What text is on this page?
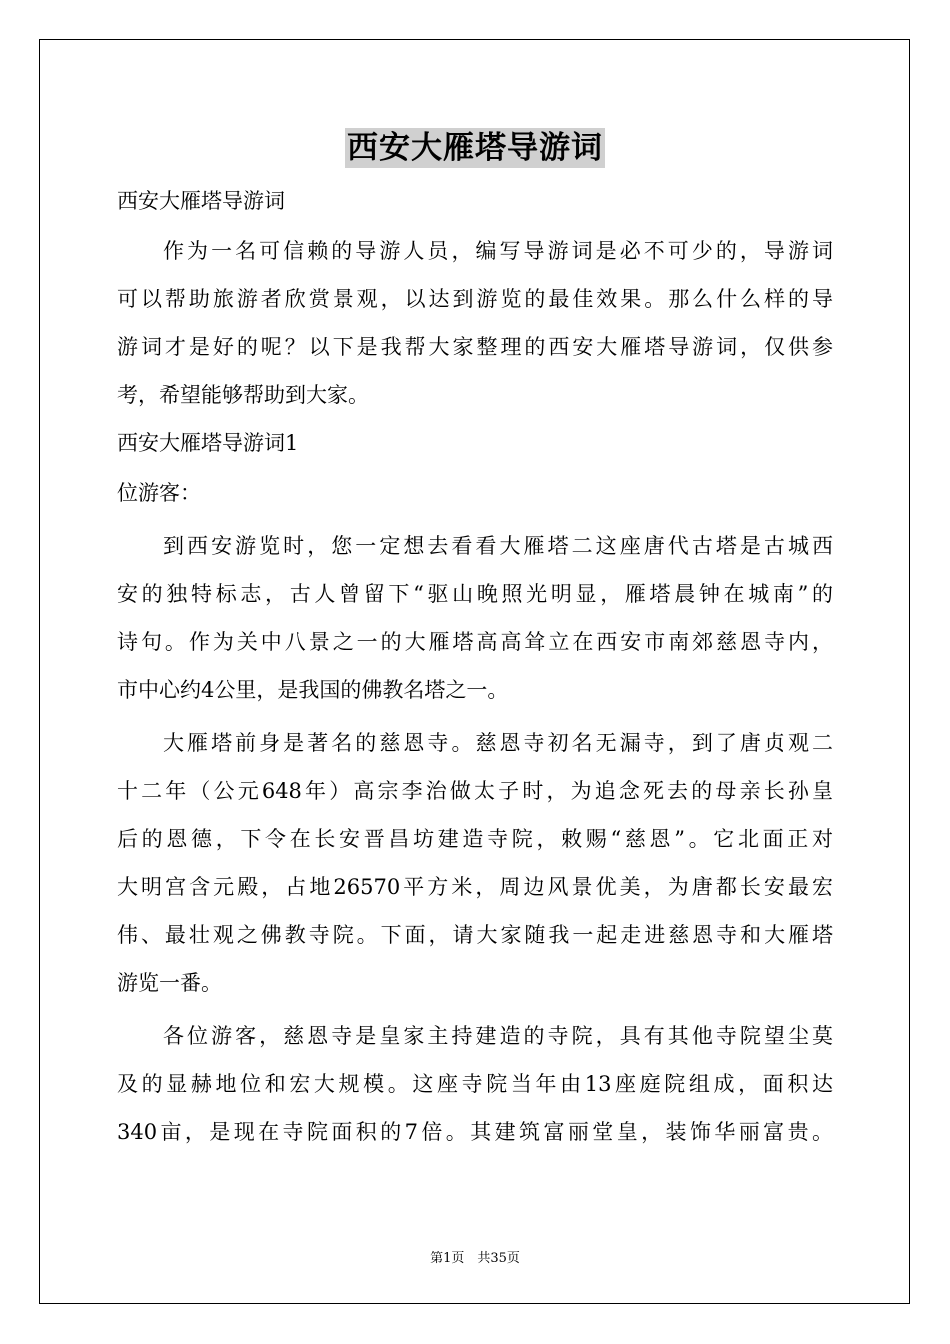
西安大雁塔导游词
西安大雁塔导游词
作为一名可信赖的导游人员，编写导游词是必不可少的，导游词
可以帮助旅游者欣赏景观，以达到游览的最佳效果。那么什么样的导
游词才是好的呢？以下是我帮大家整理的西安大雁塔导游词，仅供参
考，希望能够帮助到大家。
西安大雁塔导游词1
位游客：
到西安游览时，您一定想去看看大雁塔二这座唐代古塔是古城西
安的独特标志，古人曾留下“驱山晚照光明显，雁塔晨钟在城南”的
诗句。作为关中八景之一的大雁塔高高耸立在西安市南郊慈恩寺内，
市中心约4公里，是我国的佛教名塔之一。
大雁塔前身是著名的慈恩寺。慈恩寺初名无漏寺，到了唐贞观二
十二年（公元648年）高宗李治做太子时，为追念死去的母亲长孙皇
后的恩德，下令在长安晋昌坊建造寺院，敕赐“慈恩”。它北面正对
大明宫含元殿，占地26570平方米，周边风景优美，为唐都长安最宏
伟、最壮观之佛教寺院。下面，请大家随我一起走进慈恩寺和大雁塔
游览一番。
各位游客，慈恩寺是皇家主持建造的寺院，具有其他寺院望尘莫
及的显赫地位和宏大规模。这座寺院当年由13座庭院组成，面积达
340亩，是现在寺院面积的7倍。其建筑富丽堂皇，装饰华丽富贵。
第1页　共35页
